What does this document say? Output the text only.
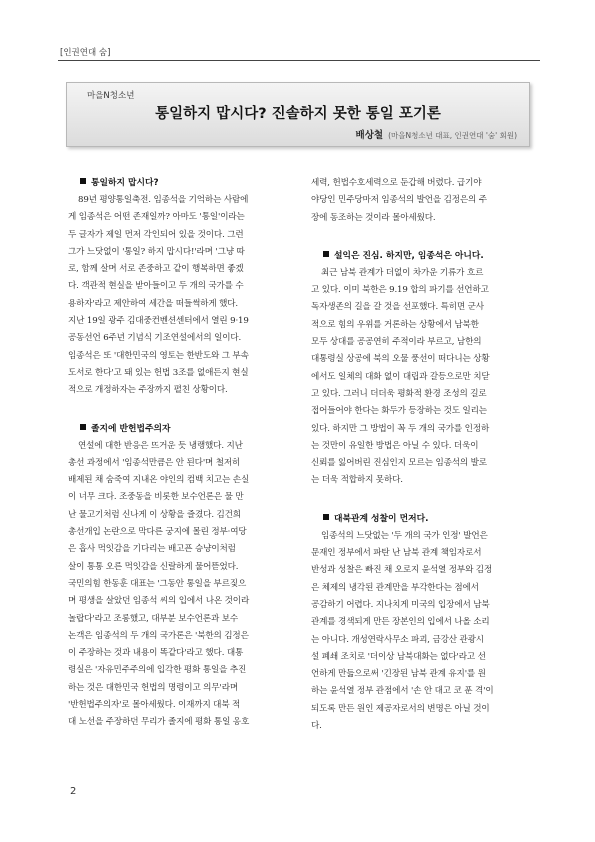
[인권연대 숨]
마을N청소년
통일하지 맙시다? 진솔하지 못한 통일 포기론
배상철 (마을N청소년 대표, 인권연대 '숨' 회원)

통일하지 맙시다?

89년 평양통일축전. 임종석을 기억하는 사람에
게 임종석은 어떤 존재일까? 아마도 '통일'이라는
두 글자가 제일 먼저 각인되어 있을 것이다. 그런
그가 느닷없이 '통일? 하지 맙시다!'라며 '그냥 따
로, 함께 살며 서로 존중하고 같이 행복하면 좋겠
다. 객관적 현실을 받아들이고 두 개의 국가를 수
용하자'라고 제안하여 세간을 떠들썩하게 했다.
지난 19일 광주 김대중컨벤션센터에서 열린 9·19
공동선언 6주년 기념식 기조연설에서의 일이다.
임종석은 또 '대한민국의 영토는 한반도와 그 부속
도서로 한다'고 돼 있는 헌법 3조를 없애든지 현실
적으로 개정하자는 주장까지 펼친 상황이다.

졸지에 반헌법주의자

연설에 대한 반응은 뜨거운 듯 냉랭했다. 지난
총선 과정에서 '임종석만큼은 안 된다'며 철저히
배제된 채 숨죽여 지내온 야인의 컴백 치고는 손실
이 너무 크다. 조중동을 비롯한 보수언론은 물 만
난 물고기처럼 신나게 이 상황을 즐겼다. 김건희
총선개입 논란으로 막다른 궁지에 몰린 정부·여당
은 흡사 먹잇감을 기다리는 배고픈 승냥이처럼
살이 통통 오른 먹잇감을 신랄하게 물어뜯었다.
국민의힘 한동훈 대표는 '그동안 통일을 부르짖으
며 평생을 살았던 임종석 씨의 입에서 나온 것이라
놀랍다'라고 조롱했고, 대부분 보수언론과 보수
논객은 임종석의 두 개의 국가론은 '북한의 김정은
이 주장하는 것과 내용이 똑같다'라고 했다. 대통
령실은 '자유민주주의에 입각한 평화 통일을 추진
하는 것은 대한민국 헌법의 명령이고 의무'라며
'반헌법주의자'로 몰아세웠다. 이재까지 대북 적
대 노선을 주장하던 무리가 졸지에 평화 통일 옹호
세력, 헌법수호세력으로 둔갑해 버렸다. 급기야
야당인 민주당마저 임종석의 발언을 김정은의 주
장에 동조하는 것이라 몰아세웠다.

설익은 진심. 하지만, 임종석은 아니다.

최근 남북 관계가 더없이 차가운 기류가 흐르
고 있다. 이미 북한은 9.19 합의 파기를 선언하고
독자생존의 길을 갈 것을 선포했다. 특히면 군사
적으로 힘의 우위를 거론하는 상황에서 남북한
모두 상대를 공공연히 주적이라 부르고, 남한의
대통령실 상공에 북의 오물 풍선이 떠다니는 상황
에서도 일체의 대화 없이 대립과 갈등으로만 치닫
고 있다. 그러니 더더욱 평화적 환경 조성의 길로
접어들어야 한다는 화두가 등장하는 것도 일리는
있다. 하지만 그 방법이 꼭 두 개의 국가를 인정하
는 것만이 유일한 방법은 아닐 수 있다. 더욱이
신뢰를 잃어버린 진심인지 모르는 임종석의 발로
는 더욱 적합하지 못하다.

대북관계 성찰이 먼저다.

임종석의 느닷없는 '두 개의 국가 인정' 발언은
문재인 정부에서 파탄 난 남북 관계 책임자로서
반성과 성찰은 빠진 채 오로지 윤석열 정부와 김정
은 체제의 냉각된 관계만을 부각한다는 점에서
공감하기 어렵다. 지나치게 미국의 입장에서 남북
관계를 경색되게 만든 장본인의 입에서 나올 소리
는 아니다. 개성연락사무소 파괴, 금강산 관광시
설 폐쇄 조치로 '더이상 남북대화는 없다'라고 선
언하게 만듦으로써 '긴장된 남북 관계 유지'를 원
하는 윤석열 정부 관점에서 '손 안 대고 코 푼 격'이
되도록 만든 원인 제공자로서의 변명은 아닐 것이
다.
2
